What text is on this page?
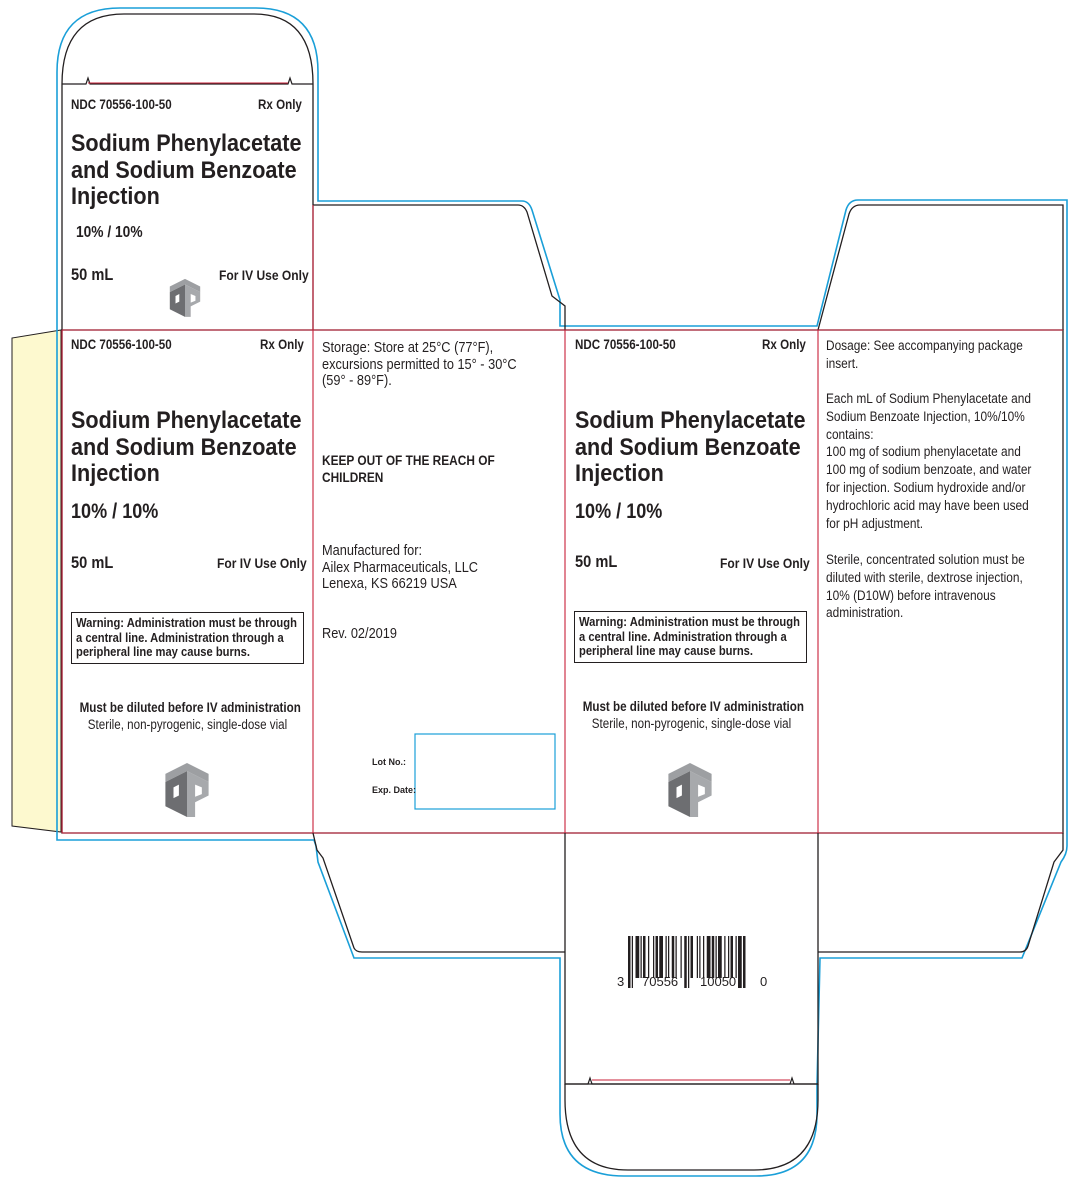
NDC 70556-100-50	Rx Only
Sodium Phenylacetate
and Sodium Benzoate
Injection
10% / 10%
50 mL	For IV Use Only
NDC 70556-100-50	Rx Only
Sodium Phenylacetate
and Sodium Benzoate
Injection
10% / 10%
50 mL	For IV Use Only
Warning: Administration must be through
a central line. Administration through a
peripheral line may cause burns.
Must be diluted before IV administration
Sterile, non-pyrogenic, single-dose vial
Storage: Store at 25°C (77°F),
excursions permitted to 15° - 30°C
(59° - 89°F).
KEEP OUT OF THE REACH OF
CHILDREN
Manufactured for:
Ailex Pharmaceuticals, LLC
Lenexa, KS 66219 USA
Rev. 02/2019
Lot No.:
Exp. Date:
NDC 70556-100-50	Rx Only
Sodium Phenylacetate
and Sodium Benzoate
Injection
10% / 10%
50 mL	For IV Use Only
Warning: Administration must be through
a central line. Administration through a
peripheral line may cause burns.
Must be diluted before IV administration
Sterile, non-pyrogenic, single-dose vial
Dosage: See accompanying package
insert.
Each mL of Sodium Phenylacetate and
Sodium Benzoate Injection, 10%/10%
contains:
100 mg of sodium phenylacetate and
100 mg of sodium benzoate, and water
for injection. Sodium hydroxide and/or
hydrochloric acid may have been used
for pH adjustment.
Sterile, concentrated solution must be
diluted with sterile, dextrose injection,
10% (D10W) before intravenous
administration.
3 70556 10050 0
